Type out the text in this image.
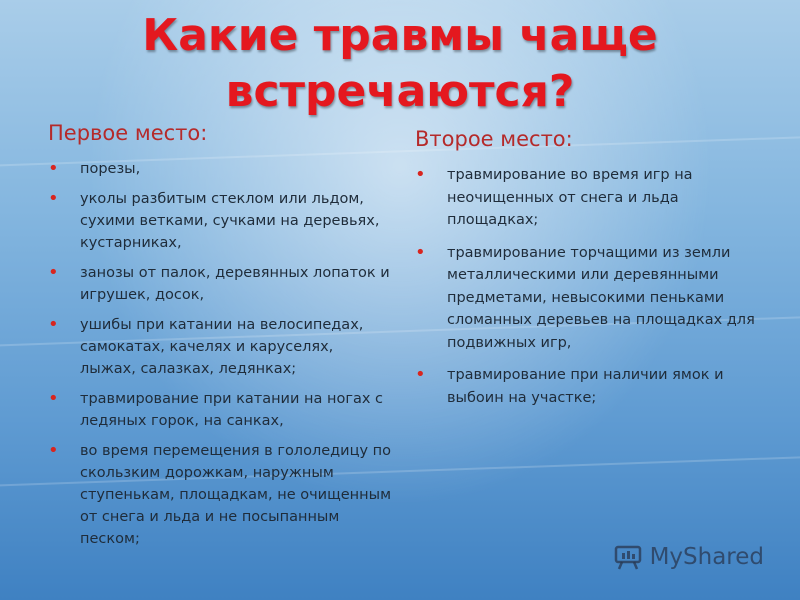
Какие травмы чаще
встречаются?
Первое место:
• порезы,
• уколы разбитым стеклом или льдом, сухими ветками, сучками на деревьях, кустарниках,
• занозы от палок, деревянных лопаток и игрушек, досок,
• ушибы при катании на велосипедах, самокатах, качелях и каруселях, лыжах, салазках, ледянках;
• травмирование при катании на ногах с ледяных горок, на санках,
• во время перемещения в гололедицу по скользким дорожкам, наружным ступенькам, площадкам, не очищенным от снега и льда и не посыпанным песком;
Второе место:
• травмирование во время игр на неочищенных от снега и льда площадках;
• травмирование торчащими из земли металлическими или деревянными предметами, невысокими пеньками сломанных деревьев на площадках для подвижных игр,
• травмирование при наличии ямок и выбоин на участке;
MyShared
